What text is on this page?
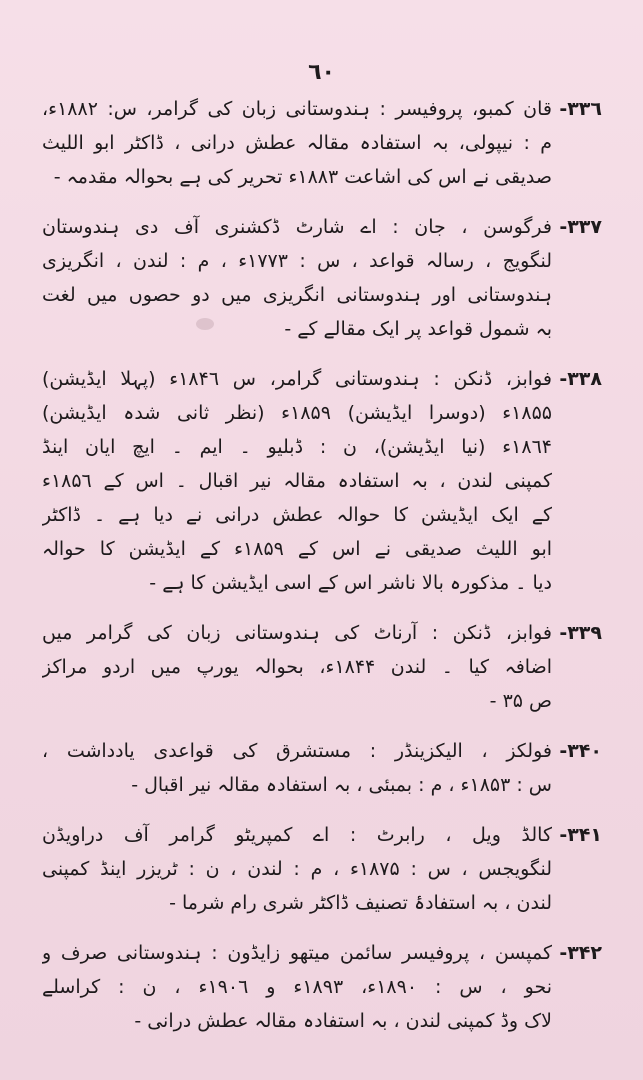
٦٠
۳۳٦-
قان کمبو، پروفیسر : ہندوستانی زبان کی گرامر، س: ۱۸۸۲ء،
م : نیپولی، بہ استفادہ مقالہ عطش درانی ، ڈاکٹر ابو اللیث
صدیقی نے اس کی اشاعت ۱۸۸۳ء تحریر کی ہے بحوالہ مقدمہ -
۳۳۷-
فرگوسن ، جان : اے شارٹ ڈکشنری آف دی ہندوستان
لنگویج ، رسالہ قواعد ، س : ۱۷۷۳ء ، م : لندن ، انگریزی
ہندوستانی اور ہندوستانی انگریزی میں دو حصوں میں لغت
بہ شمول قواعد پر ایک مقالے کے -
۳۳۸-
فوابز، ڈنکن : ہندوستانی گرامر، س ۱۸۴٦ء (پہلا ایڈیشن)
۱۸۵۵ء (دوسرا ایڈیشن) ۱۸۵۹ء (نظر ثانی شدہ ایڈیشن)
۱۸٦۴ء (نیا ایڈیشن)، ن : ڈبلیو ۔ ایم ۔ ایچ ایان اینڈ
کمپنی لندن ، بہ استفادہ مقالہ نیر اقبال ۔ اس کے ۱۸۵٦ء
کے ایک ایڈیشن کا حوالہ عطش درانی نے دیا ہے ۔ ڈاکٹر
ابو اللیث صدیقی نے اس کے ۱۸۵۹ء کے ایڈیشن کا حوالہ
دیا ۔ مذکورہ بالا ناشر اس کے اسی ایڈیشن کا ہے -
۳۳۹-
فوابز، ڈنکن : آرناٹ کی ہندوستانی زبان کی گرامر میں
اضافہ کیا ۔ لندن ۱۸۴۴ء، بحوالہ یورپ میں اردو مراکز
ص ۳۵ -
۳۴۰-
فولکز ، الیکزینڈر : مستشرق کی قواعدی یادداشت ،
س : ۱۸۵۳ء ، م : بمبئی ، بہ استفادہ مقالہ نیر اقبال -
۳۴۱-
کالڈ ویل ، رابرٹ : اے کمپریٹو گرامر آف دراویڈن
لنگویجس ، س : ۱۸۷۵ء ، م : لندن ، ن : ٹریزر اینڈ کمپنی
لندن ، بہ استفادۂ تصنیف ڈاکٹر شری رام شرما -
۳۴۲-
کمپسن ، پروفیسر سائمن میتھو زایڈون : ہندوستانی صرف و
نحو ، س : ۱۸۹۰ء، ۱۸۹۳ء و ۱۹۰٦ء ، ن : کراسلے
لاک وڈ کمپنی لندن ، بہ استفادہ مقالہ عطش درانی -
